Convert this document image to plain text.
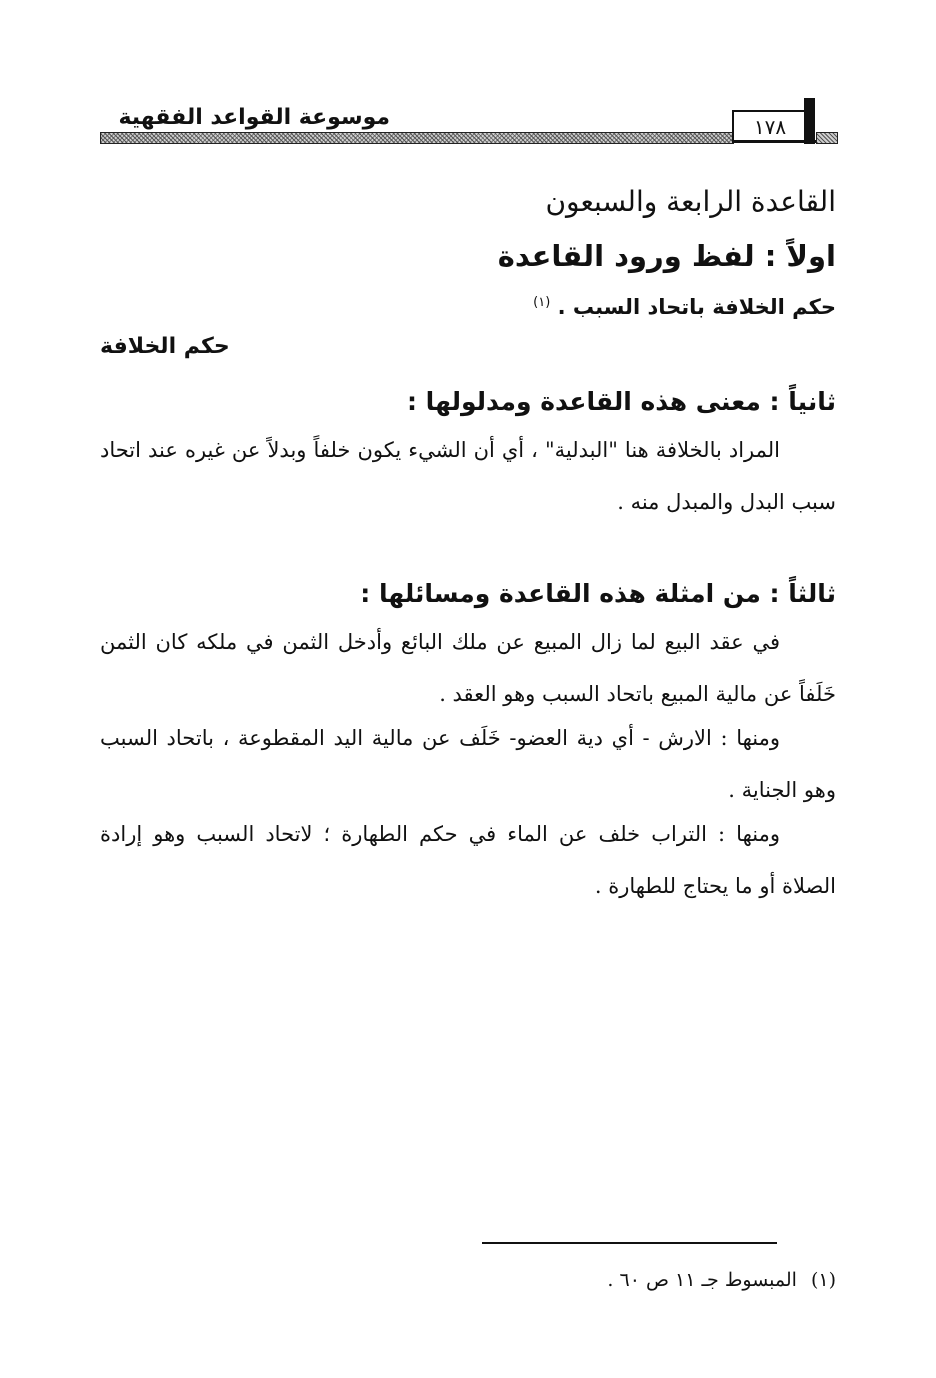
موسوعة القواعد الفقهية	١٧٨

القاعدة الرابعة والسبعون

اولاً : لفظ ورود القاعدة

حكم الخلافة باتحاد السبب . $^{(١)}$

حكم الخلافة

ثانياً : معنى هذه القاعدة ومدلولها :

المراد بالخلافة هنا "البدلية" ، أي أن الشيء يكون خلفاً وبدلاً عن غيره عند اتحاد سبب البدل والمبدل منه .

ثالثاً : من امثلة هذه القاعدة ومسائلها :

في عقد البيع لما زال المبيع عن ملك البائع وأدخل الثمن في ملكه كان الثمن خَلَفاً عن مالية المبيع باتحاد السبب وهو العقد .

ومنها : الارش - أي دية العضو- خَلَف عن مالية اليد المقطوعة ، باتحاد السبب وهو الجناية .

ومنها : التراب خلف عن الماء في حكم الطهارة ؛ لاتحاد السبب وهو إرادة الصلاة أو ما يحتاج للطهارة .

(١)المبسوط جـ ١١ ص ٦٠ .
